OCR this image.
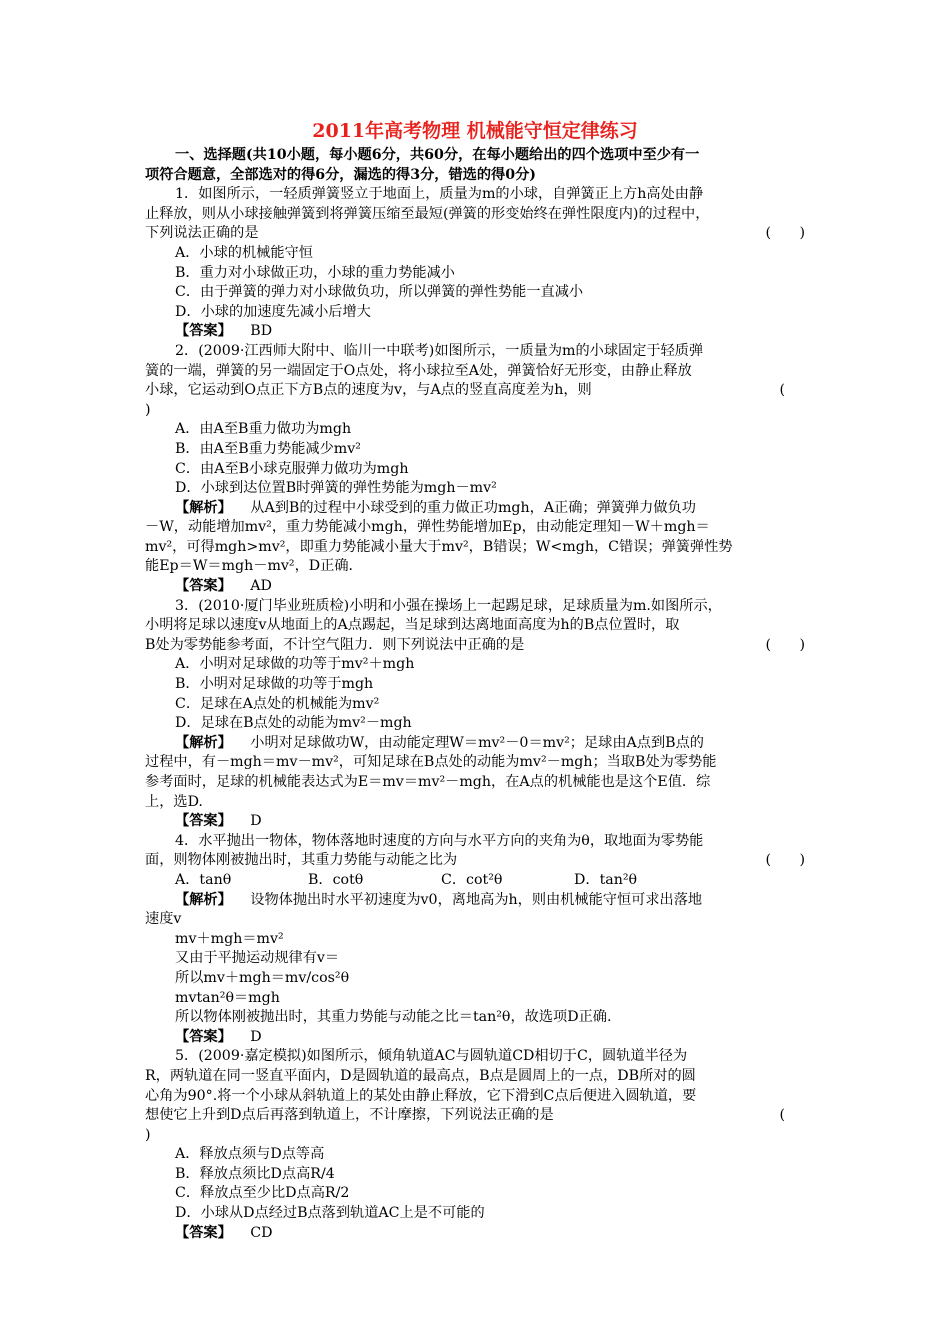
2011年高考物理 机械能守恒定律练习
一、选择题(共10小题，每小题6分，共60分，在每小题给出的四个选项中至少有一
项符合题意，全部选对的得6分，漏选的得3分，错选的得0分)
1．如图所示，一轻质弹簧竖立于地面上，质量为m的小球，自弹簧正上方h高处由静
止释放，则从小球接触弹簧到将弹簧压缩至最短(弹簧的形变始终在弹性限度内)的过程中，
下列说法正确的是	(　　)
A．小球的机械能守恒
B．重力对小球做正功，小球的重力势能减小
C．由于弹簧的弹力对小球做负功，所以弹簧的弹性势能一直减小
D．小球的加速度先减小后增大
【答案】 BD
2．(2009·江西师大附中、临川一中联考)如图所示，一质量为m的小球固定于轻质弹
簧的一端，弹簧的另一端固定于O点处，将小球拉至A处，弹簧恰好无形变，由静止释放
小球，它运动到O点正下方B点的速度为v，与A点的竖直高度差为h，则	(
)
A．由A至B重力做功为mgh
B．由A至B重力势能减少mv²
C．由A至B小球克服弹力做功为mgh
D．小球到达位置B时弹簧的弹性势能为mgh－mv²
【解析】 从A到B的过程中小球受到的重力做正功mgh，A正确；弹簧弹力做负功
－W，动能增加mv²，重力势能减小mgh，弹性势能增加Ep，由动能定理知－W＋mgh＝
mv²，可得mgh>mv²，即重力势能减小量大于mv²，B错误；W<mgh，C错误；弹簧弹性势
能Ep＝W＝mgh－mv²，D正确．
【答案】 AD
3．(2010·厦门毕业班质检)小明和小强在操场上一起踢足球，足球质量为m.如图所示，
小明将足球以速度v从地面上的A点踢起，当足球到达离地面高度为h的B点位置时，取
B处为零势能参考面，不计空气阻力．则下列说法中正确的是	(　　)
A．小明对足球做的功等于mv²＋mgh
B．小明对足球做的功等于mgh
C．足球在A点处的机械能为mv²
D．足球在B点处的动能为mv²－mgh
【解析】 小明对足球做功W，由动能定理W＝mv²－0＝mv²；足球由A点到B点的
过程中，有－mgh＝mv－mv²，可知足球在B点处的动能为mv²－mgh；当取B处为零势能
参考面时，足球的机械能表达式为E＝mv＝mv²－mgh，在A点的机械能也是这个E值．综
上，选D.
【答案】 D
4．水平抛出一物体，物体落地时速度的方向与水平方向的夹角为θ，取地面为零势能
面，则物体刚被抛出时，其重力势能与动能之比为	(　　)
A．tanθ	B．cotθ	C．cot²θ	D．tan²θ
【解析】 设物体抛出时水平初速度为v0，离地高为h，则由机械能守恒可求出落地
速度v
mv＋mgh＝mv²
又由于平抛运动规律有v＝
所以mv＋mgh＝mv/cos²θ
mvtan²θ＝mgh
所以物体刚被抛出时，其重力势能与动能之比＝tan²θ，故选项D正确.
【答案】 D
5．(2009·嘉定模拟)如图所示，倾角轨道AC与圆轨道CD相切于C，圆轨道半径为
R，两轨道在同一竖直平面内，D是圆轨道的最高点，B点是圆周上的一点，DB所对的圆
心角为90°.将一个小球从斜轨道上的某处由静止释放，它下滑到C点后便进入圆轨道，要
想使它上升到D点后再落到轨道上，不计摩擦，下列说法正确的是	(
)
A．释放点须与D点等高
B．释放点须比D点高R/4
C．释放点至少比D点高R/2
D．小球从D点经过B点落到轨道AC上是不可能的
【答案】 CD
